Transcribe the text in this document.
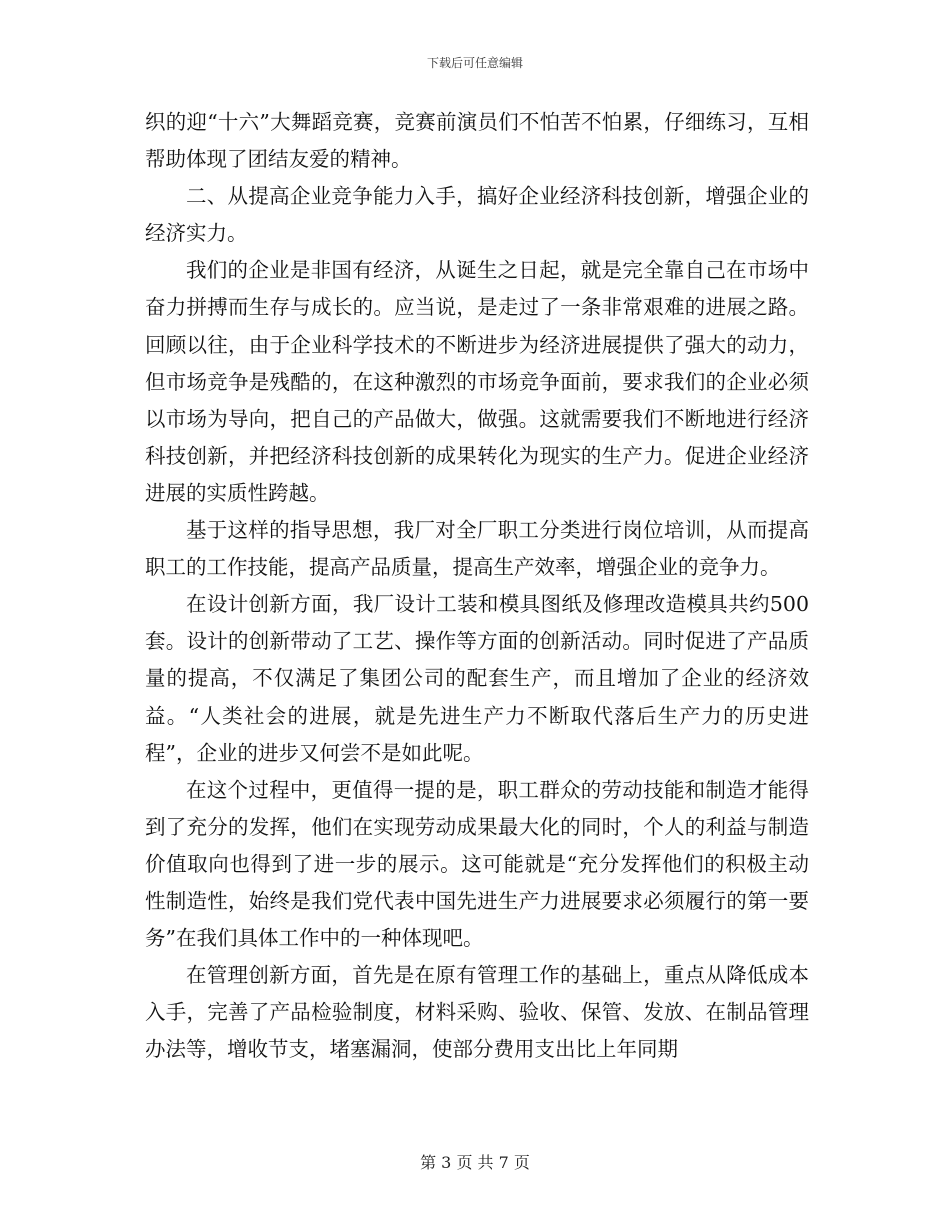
下载后可任意编辑

织的迎“十六”大舞蹈竞赛，竞赛前演员们不怕苦不怕累，仔细练习，互相帮助体现了团结友爱的精神。

二、从提高企业竞争能力入手，搞好企业经济科技创新，增强企业的经济实力。

我们的企业是非国有经济，从诞生之日起，就是完全靠自己在市场中奋力拼搏而生存与成长的。应当说，是走过了一条非常艰难的进展之路。回顾以往，由于企业科学技术的不断进步为经济进展提供了强大的动力，但市场竞争是残酷的，在这种激烈的市场竞争面前，要求我们的企业必须以市场为导向，把自己的产品做大，做强。这就需要我们不断地进行经济科技创新，并把经济科技创新的成果转化为现实的生产力。促进企业经济进展的实质性跨越。

基于这样的指导思想，我厂对全厂职工分类进行岗位培训，从而提高职工的工作技能，提高产品质量，提高生产效率，增强企业的竞争力。

在设计创新方面，我厂设计工装和模具图纸及修理改造模具共约500套。设计的创新带动了工艺、操作等方面的创新活动。同时促进了产品质量的提高，不仅满足了集团公司的配套生产，而且增加了企业的经济效益。“人类社会的进展，就是先进生产力不断取代落后生产力的历史进程”，企业的进步又何尝不是如此呢。

在这个过程中，更值得一提的是，职工群众的劳动技能和制造才能得到了充分的发挥，他们在实现劳动成果最大化的同时，个人的利益与制造价值取向也得到了进一步的展示。这可能就是“充分发挥他们的积极主动性制造性，始终是我们党代表中国先进生产力进展要求必须履行的第一要务”在我们具体工作中的一种体现吧。

在管理创新方面，首先是在原有管理工作的基础上，重点从降低成本入手，完善了产品检验制度，材料采购、验收、保管、发放、在制品管理办法等，增收节支，堵塞漏洞，使部分费用支出比上年同期

第 3 页 共 7 页
